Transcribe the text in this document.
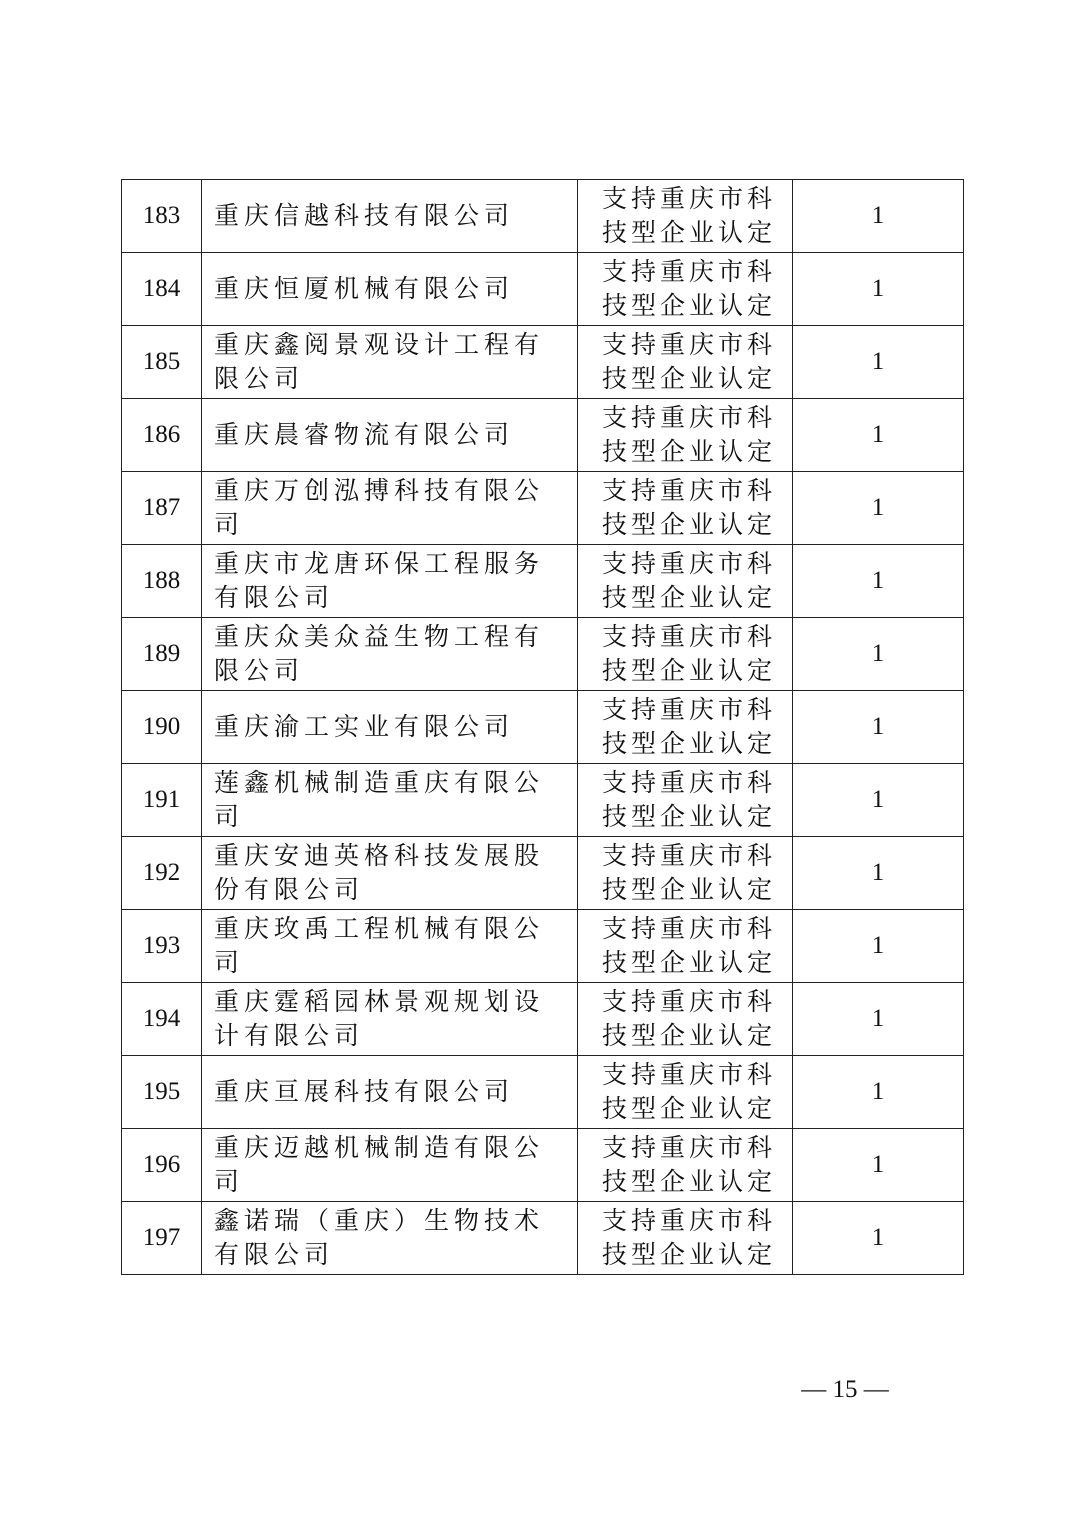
183	重庆信越科技有限公司	支持重庆市科技型企业认定	1
184	重庆恒厦机械有限公司	支持重庆市科技型企业认定	1
185	重庆鑫阅景观设计工程有限公司	支持重庆市科技型企业认定	1
186	重庆晨睿物流有限公司	支持重庆市科技型企业认定	1
187	重庆万创泓搏科技有限公司	支持重庆市科技型企业认定	1
188	重庆市龙唐环保工程服务有限公司	支持重庆市科技型企业认定	1
189	重庆众美众益生物工程有限公司	支持重庆市科技型企业认定	1
190	重庆渝工实业有限公司	支持重庆市科技型企业认定	1
191	莲鑫机械制造重庆有限公司	支持重庆市科技型企业认定	1
192	重庆安迪英格科技发展股份有限公司	支持重庆市科技型企业认定	1
193	重庆玫禹工程机械有限公司	支持重庆市科技型企业认定	1
194	重庆霆稻园林景观规划设计有限公司	支持重庆市科技型企业认定	1
195	重庆亘展科技有限公司	支持重庆市科技型企业认定	1
196	重庆迈越机械制造有限公司	支持重庆市科技型企业认定	1
197	鑫诺瑞（重庆）生物技术有限公司	支持重庆市科技型企业认定	1
— 15 —
